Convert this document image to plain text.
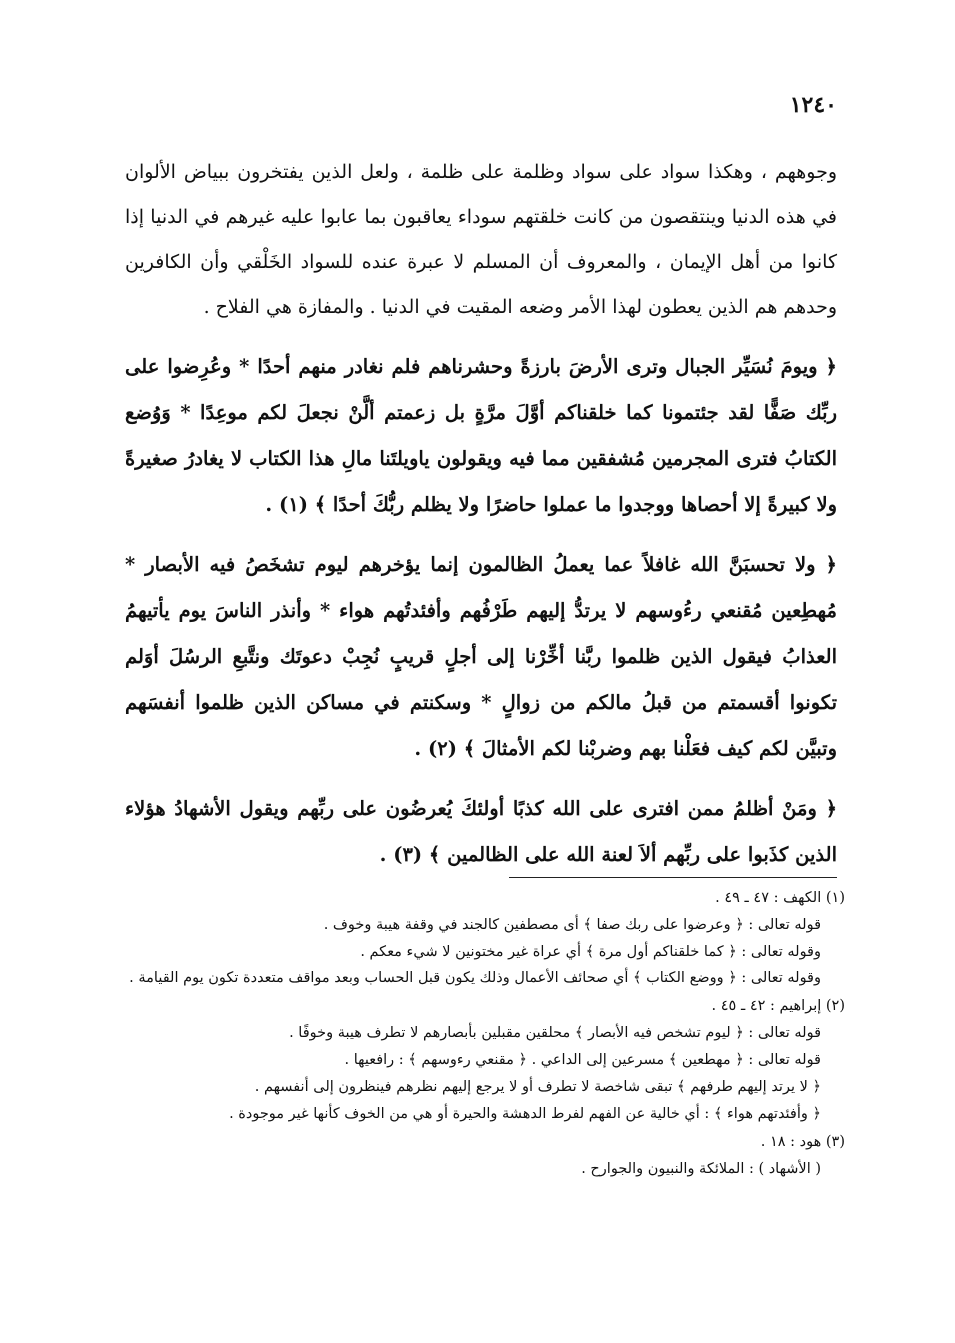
١٢٤٠

وجوههم ، وهكذا سواد على سواد وظلمة على ظلمة ، ولعل الذين يفتخرون ببياض الألوان في هذه الدنيا وينتقصون من كانت خلقتهم سوداء يعاقبون بما عابوا عليه غيرهم في الدنيا إذا كانوا من أهل الإيمان ، والمعروف أن المسلم لا عبرة عنده للسواد الخَلْقي وأن الكافرين وحدهم هم الذين يعطون لهذا الأمر وضعه المقيت في الدنيا . والمفازة هي الفلاح .

﴿ ويومَ نُسَيِّر الجبال وترى الأرضَ بارزةً وحشرناهم فلم نغادر منهم أحدًا * وعُرِضوا على ربِّك صَفًّا لقد جئتمونا كما خلقناكم أوَّلَ مرَّةٍ بل زعمتم ألَّنْ نجعلَ لكم موعِدًا * وَوُضع الكتابُ فترى المجرمين مُشفقين مما فيه ويقولون ياويلتَنا مالِ هذا الكتاب لا يغادرُ صغيرةً ولا كبيرةً إلا أحصاها ووجدوا ما عملوا حاضرًا ولا يظلم ربُّكَ أحدًا ﴾ (١) .

﴿ ولا تحسبَنَّ الله غافلاً عما يعملُ الظالمون إنما يؤخرهم ليوم تشخَصُ فيه الأبصار * مُهطِعين مُقنعي رءُوسهم لا يرتدُّ إليهم طَرْفُهم وأفئدتُهم هواء * وأنذر الناسَ يوم يأتيهمُ العذابُ فيقول الذين ظلموا ربَّنا أخِّرْنا إلى أجلٍ قريبٍ نُجِبْ دعوتَك ونتَّبعِ الرسُلَ أوَلم تكونوا أقسمتم من قبلُ مالكم من زوالٍ * وسكنتم في مساكن الذين ظلموا أنفسَهم وتبيَّن لكم كيف فعَلْنا بهم وضربْنا لكم الأمثالَ ﴾ (٢) .

﴿ ومَنْ أظلمُ ممن افترى على الله كذبًا أولئكَ يُعرضُون على ربِّهم ويقول الأشهادُ هؤلاء الذين كذَبوا على ربِّهم ألاَ لعنة الله على الظالمين ﴾ (٣) .

(١) الكهف : ٤٧ ـ ٤٩ .
قوله تعالى : ﴿ وعرضوا على ربك صفا ﴾ أى مصطفين كالجند في وقفة هيبة وخوف .
وقوله تعالى : ﴿ كما خلقناكم أول مرة ﴾ أي عراة غير مختونين لا شيء معكم .
وقوله تعالى : ﴿ ووضع الكتاب ﴾ أي صحائف الأعمال وذلك يكون قبل الحساب وبعد مواقف متعددة تكون يوم القيامة .
(٢) إبراهيم : ٤٢ ـ ٤٥ .
قوله تعالى : ﴿ ليوم تشخص فيه الأبصار ﴾ محلقين مقبلين بأبصارهم لا تطرف هيبة وخوفًا .
قوله تعالى : ﴿ مهطعين ﴾ مسرعين إلى الداعي . ﴿ مقنعي رءوسهم ﴾ : رافعيها .
﴿ لا يرتد إليهم طرفهم ﴾ تبقى شاخصة لا تطرف أو لا يرجع إليهم نظرهم فينظرون إلى أنفسهم .
﴿ وأفئدتهم هواء ﴾ : أي خالية عن الفهم لفرط الدهشة والحيرة أو هي من الخوف كأنها غير موجودة .
(٣) هود : ١٨ .
( الأشهاد ) : الملائكة والنبيون والجوارح .
